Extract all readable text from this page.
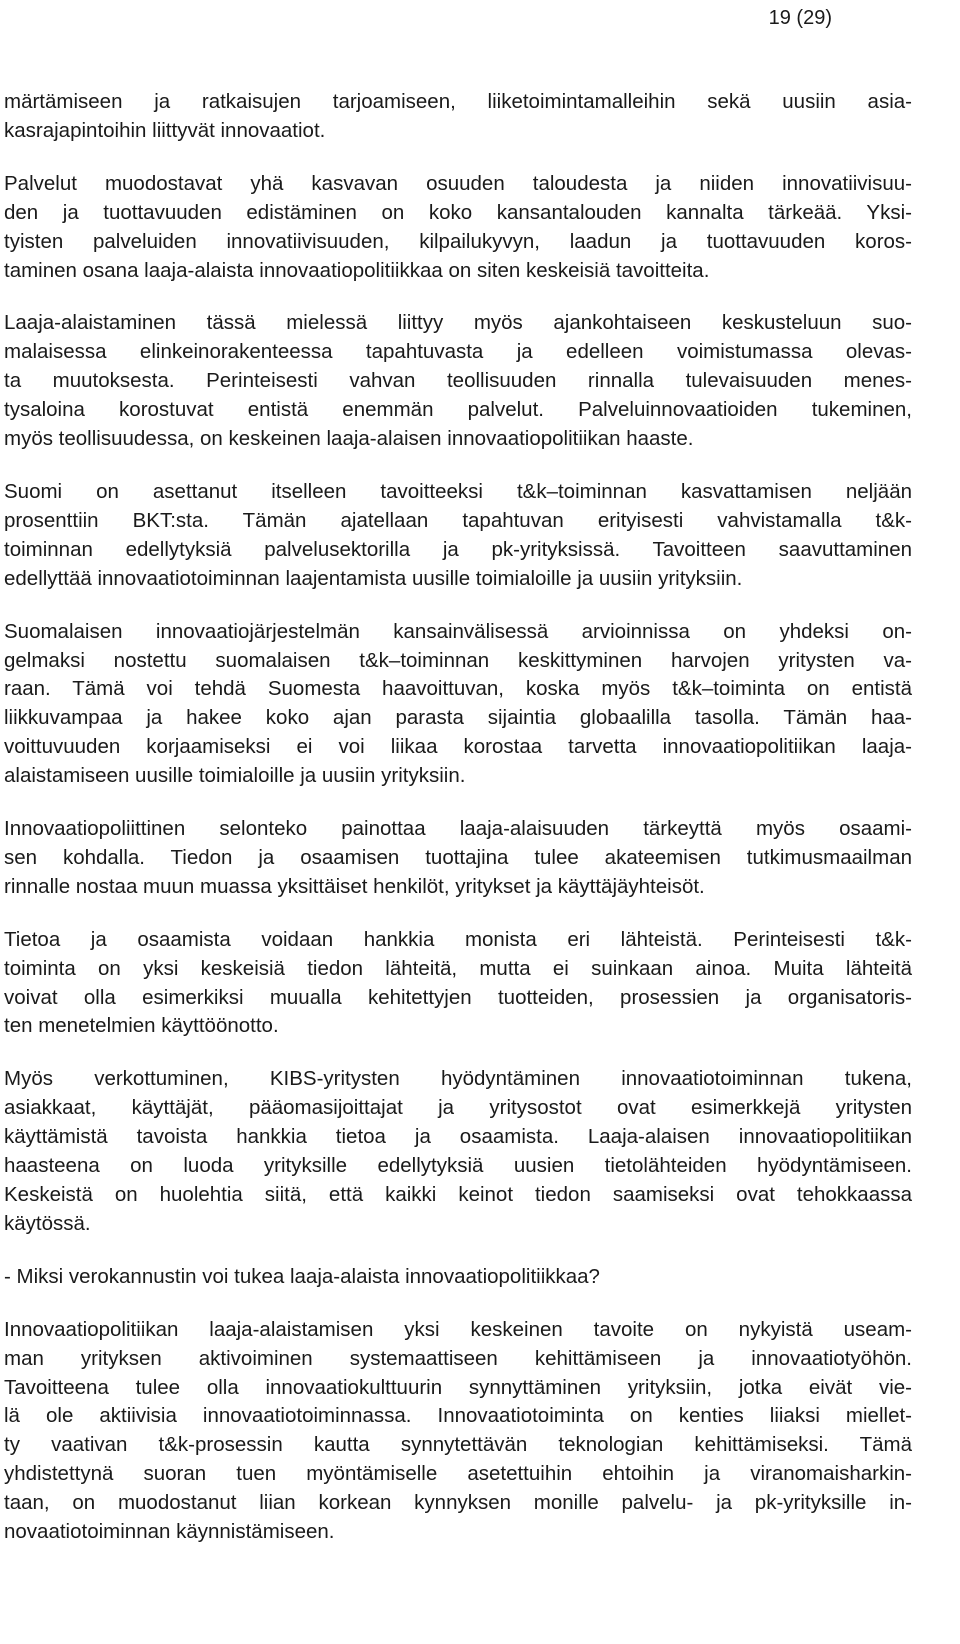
19 (29)

märtämiseen ja ratkaisujen tarjoamiseen, liiketoimintamalleihin sekä uusiin asia-
kasrajapintoihin liittyvät innovaatiot.

Palvelut muodostavat yhä kasvavan osuuden taloudesta ja niiden innovatiivisuu-
den ja tuottavuuden edistäminen on koko kansantalouden kannalta tärkeää. Yksi-
tyisten palveluiden innovatiivisuuden, kilpailukyvyn, laadun ja tuottavuuden koros-
taminen osana laaja-alaista innovaatiopolitiikkaa on siten keskeisiä tavoitteita.

Laaja-alaistaminen tässä mielessä liittyy myös ajankohtaiseen keskusteluun suo-
malaisessa elinkeinorakenteessa tapahtuvasta ja edelleen voimistumassa olevas-
ta muutoksesta. Perinteisesti vahvan teollisuuden rinnalla tulevaisuuden menes-
tysaloina korostuvat entistä enemmän palvelut. Palveluinnovaatioiden tukeminen,
myös teollisuudessa, on keskeinen laaja-alaisen innovaatiopolitiikan haaste.

Suomi on asettanut itselleen tavoitteeksi t&k–toiminnan kasvattamisen neljään
prosenttiin BKT:sta. Tämän ajatellaan tapahtuvan erityisesti vahvistamalla t&k-
toiminnan edellytyksiä palvelusektorilla ja pk-yrityksissä. Tavoitteen saavuttaminen
edellyttää innovaatiotoiminnan laajentamista uusille toimialoille ja uusiin yrityksiin.

Suomalaisen innovaatiojärjestelmän kansainvälisessä arvioinnissa on yhdeksi on-
gelmaksi nostettu suomalaisen t&k–toiminnan keskittyminen harvojen yritysten va-
raan. Tämä voi tehdä Suomesta haavoittuvan, koska myös t&k–toiminta on entistä
liikkuvampaa ja hakee koko ajan parasta sijaintia globaalilla tasolla. Tämän haa-
voittuvuuden korjaamiseksi ei voi liikaa korostaa tarvetta innovaatiopolitiikan laaja-
alaistamiseen uusille toimialoille ja uusiin yrityksiin.

Innovaatiopoliittinen selonteko painottaa laaja-alaisuuden tärkeyttä myös osaami-
sen kohdalla. Tiedon ja osaamisen tuottajina tulee akateemisen tutkimusmaailman
rinnalle nostaa muun muassa yksittäiset henkilöt, yritykset ja käyttäjäyhteisöt.

Tietoa ja osaamista voidaan hankkia monista eri lähteistä. Perinteisesti t&k-
toiminta on yksi keskeisiä tiedon lähteitä, mutta ei suinkaan ainoa. Muita lähteitä
voivat olla esimerkiksi muualla kehitettyjen tuotteiden, prosessien ja organisatoris-
ten menetelmien käyttöönotto.

Myös verkottuminen, KIBS-yritysten hyödyntäminen innovaatiotoiminnan tukena,
asiakkaat, käyttäjät, pääomasijoittajat ja yritysostot ovat esimerkkejä yritysten
käyttämistä tavoista hankkia tietoa ja osaamista. Laaja-alaisen innovaatiopolitiikan
haasteena on luoda yrityksille edellytyksiä uusien tietolähteiden hyödyntämiseen.
Keskeistä on huolehtia siitä, että kaikki keinot tiedon saamiseksi ovat tehokkaassa
käytössä.

- Miksi verokannustin voi tukea laaja-alaista innovaatiopolitiikkaa?

Innovaatiopolitiikan laaja-alaistamisen yksi keskeinen tavoite on nykyistä useam-
man yrityksen aktivoiminen systemaattiseen kehittämiseen ja innovaatiotyöhön.
Tavoitteena tulee olla innovaatiokulttuurin synnyttäminen yrityksiin, jotka eivät vie-
lä ole aktiivisia innovaatiotoiminnassa. Innovaatiotoiminta on kenties liiaksi miellet-
ty vaativan t&k-prosessin kautta synnytettävän teknologian kehittämiseksi. Tämä
yhdistettynä suoran tuen myöntämiselle asetettuihin ehtoihin ja viranomaisharkin-
taan, on muodostanut liian korkean kynnyksen monille palvelu- ja pk-yrityksille in-
novaatiotoiminnan käynnistämiseen.
